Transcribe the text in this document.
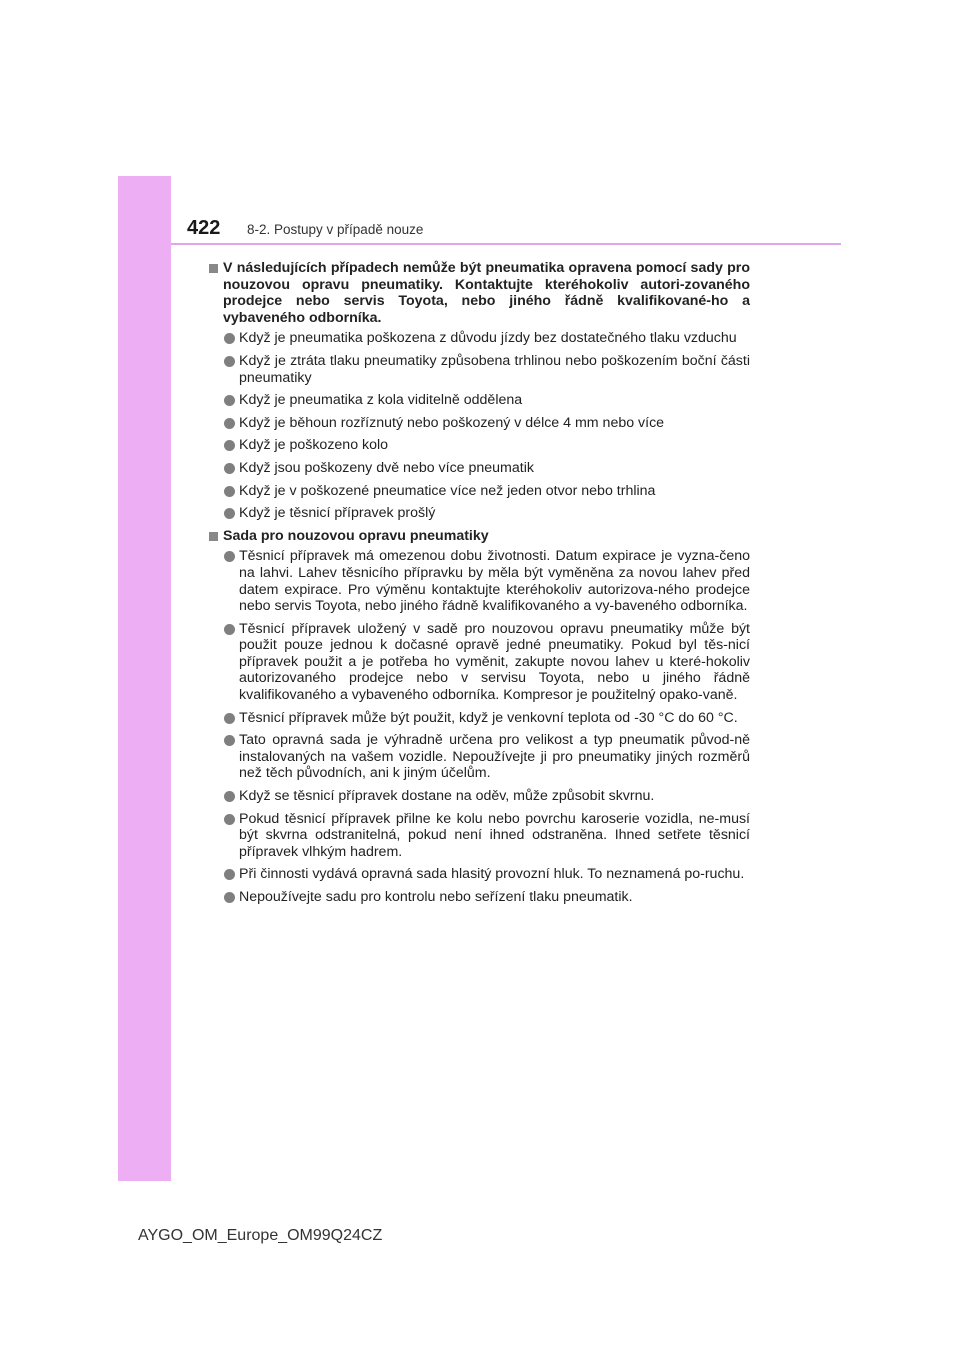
422 8-2. Postupy v případě nouze
V následujících případech nemůže být pneumatika opravena pomocí sady pro nouzovou opravu pneumatiky. Kontaktujte kteréhokoliv autori-zovaného prodejce nebo servis Toyota, nebo jiného řádně kvalifikované-ho a vybaveného odborníka.
Když je pneumatika poškozena z důvodu jízdy bez dostatečného tlaku vzduchu
Když je ztráta tlaku pneumatiky způsobena trhlinou nebo poškozením boční části pneumatiky
Když je pneumatika z kola viditelně oddělena
Když je běhoun rozříznutý nebo poškozený v délce 4 mm nebo více
Když je poškozeno kolo
Když jsou poškozeny dvě nebo více pneumatik
Když je v poškozené pneumatice více než jeden otvor nebo trhlina
Když je těsnicí přípravek prošlý
Sada pro nouzovou opravu pneumatiky
Těsnicí přípravek má omezenou dobu životnosti. Datum expirace je vyzna-čeno na lahvi. Lahev těsnicího přípravku by měla být vyměněna za novou lahev před datem expirace. Pro výměnu kontaktujte kteréhokoliv autorizova-ného prodejce nebo servis Toyota, nebo jiného řádně kvalifikovaného a vy-baveného odborníka.
Těsnicí přípravek uložený v sadě pro nouzovou opravu pneumatiky může být použit pouze jednou k dočasné opravě jedné pneumatiky. Pokud byl těs-nicí přípravek použit a je potřeba ho vyměnit, zakupte novou lahev u které-hokoliv autorizovaného prodejce nebo v servisu Toyota, nebo u jiného řádně kvalifikovaného a vybaveného odborníka. Kompresor je použitelný opako-vaně.
Těsnicí přípravek může být použit, když je venkovní teplota od -30 °C do 60 °C.
Tato opravná sada je výhradně určena pro velikost a typ pneumatik původ-ně instalovaných na vašem vozidle. Nepoužívejte ji pro pneumatiky jiných rozměrů než těch původních, ani k jiným účelům.
Když se těsnicí přípravek dostane na oděv, může způsobit skvrnu.
Pokud těsnicí přípravek přilne ke kolu nebo povrchu karoserie vozidla, ne-musí být skvrna odstranitelná, pokud není ihned odstraněna. Ihned setřete těsnicí přípravek vlhkým hadrem.
Při činnosti vydává opravná sada hlasitý provozní hluk. To neznamená po-ruchu.
Nepoužívejte sadu pro kontrolu nebo seřízení tlaku pneumatik.
AYGO_OM_Europe_OM99Q24CZ
